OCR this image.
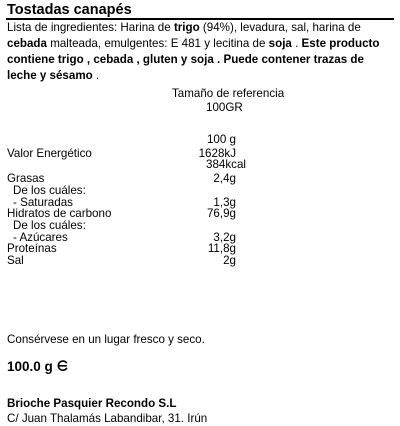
Tostadas canapés
Lista de ingredientes: Harina de trigo (94%), levadura, sal, harina de cebada malteada, emulgentes: E 481 y lecitina de soja . Este producto contiene trigo , cebada , gluten y soja . Puede contener trazas de leche y sésamo .
Tamaño de referencia
100GR
100 g
Valor Energético	1628kJ
384kcal
Grasas	2,4g
De los cuáles:
- Saturadas	1,3g
Hidratos de carbono	76,9g
De los cuáles:
- Azúcares	3,2g
Proteínas	11,8g
Sal	2g
Consérvese en un lugar fresco y seco.
100.0 g
Brioche Pasquier Recondo S.L
C/ Juan Thalamás Labandibar, 31. Irún
